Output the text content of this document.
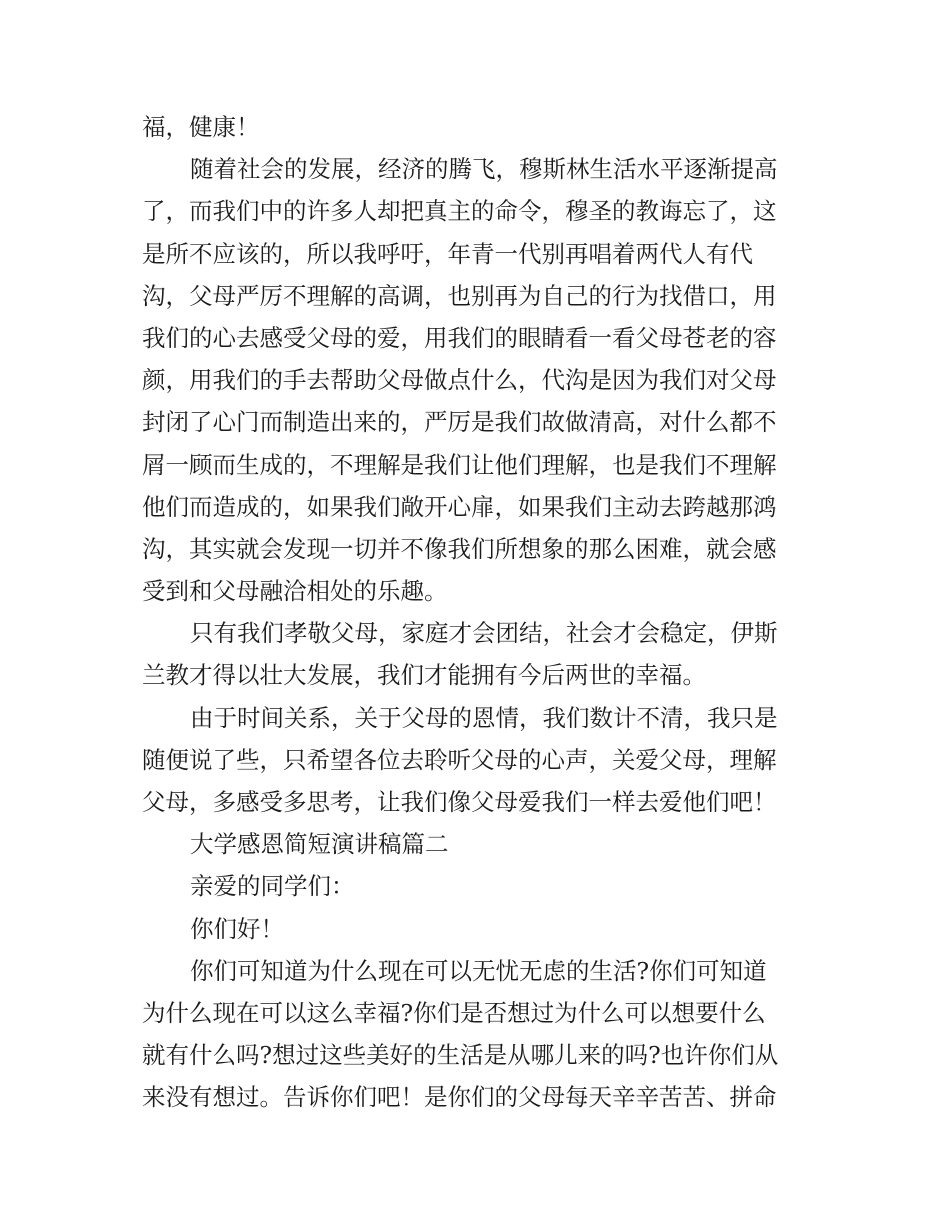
福，健康！
随着社会的发展，经济的腾飞，穆斯林生活水平逐渐提高
了，而我们中的许多人却把真主的命令，穆圣的教诲忘了，这
是所不应该的，所以我呼吁，年青一代别再唱着两代人有代
沟，父母严厉不理解的高调，也别再为自己的行为找借口，用
我们的心去感受父母的爱，用我们的眼睛看一看父母苍老的容
颜，用我们的手去帮助父母做点什么，代沟是因为我们对父母
封闭了心门而制造出来的，严厉是我们故做清高，对什么都不
屑一顾而生成的，不理解是我们让他们理解，也是我们不理解
他们而造成的，如果我们敞开心扉，如果我们主动去跨越那鸿
沟，其实就会发现一切并不像我们所想象的那么困难，就会感
受到和父母融洽相处的乐趣。
只有我们孝敬父母，家庭才会团结，社会才会稳定，伊斯
兰教才得以壮大发展，我们才能拥有今后两世的幸福。
由于时间关系，关于父母的恩情，我们数计不清，我只是
随便说了些，只希望各位去聆听父母的心声，关爱父母，理解
父母，多感受多思考，让我们像父母爱我们一样去爱他们吧！
大学感恩简短演讲稿篇二
亲爱的同学们：
你们好！
你们可知道为什么现在可以无忧无虑的生活?你们可知道
为什么现在可以这么幸福?你们是否想过为什么可以想要什么
就有什么吗?想过这些美好的生活是从哪儿来的吗?也许你们从
来没有想过。告诉你们吧！是你们的父母每天辛辛苦苦、拼命
